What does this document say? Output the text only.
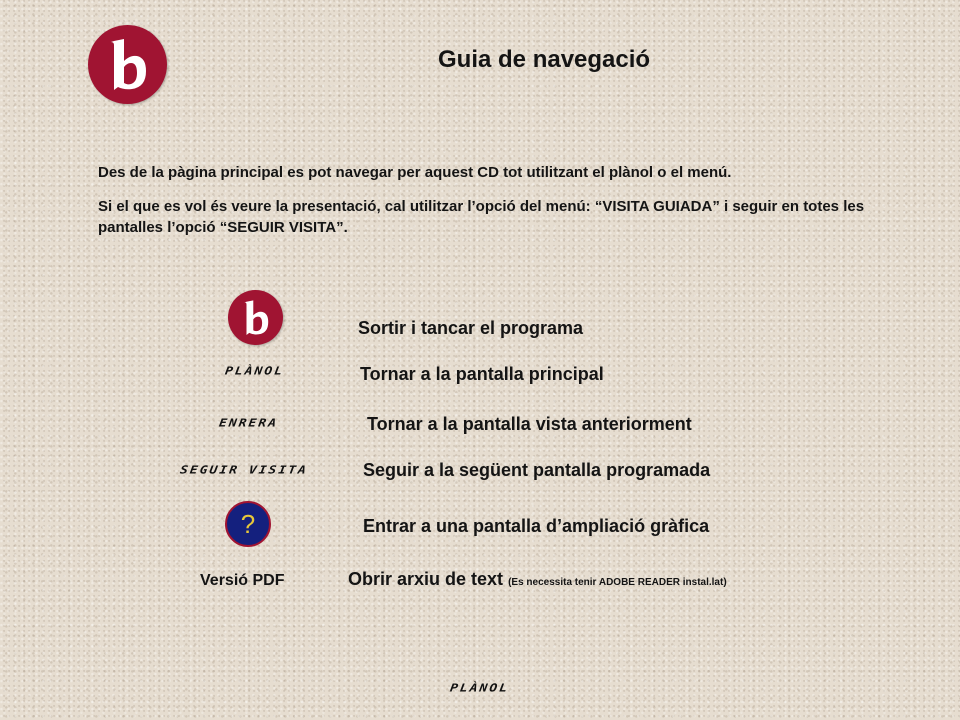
Guia de navegació
Des de la pàgina principal es pot navegar per aquest CD tot utilitzant el plànol o el menú.
Si el que es vol és veure la presentació, cal utilitzar l’opció del menú: “VISITA GUIADA” i seguir en totes les pantalles l’opció “SEGUIR VISITA”.
Sortir i tancar el programa
PLÀNOL	Tornar a la pantalla principal
ENRERA	Tornar a la pantalla vista anteriorment
SEGUIR VISITA	Seguir a la següent pantalla programada
?	Entrar a una pantalla d’ampliació gràfica
Versió PDF	Obrir arxiu de text (Es necessita tenir ADOBE READER instal.lat)
PLÀNOL
